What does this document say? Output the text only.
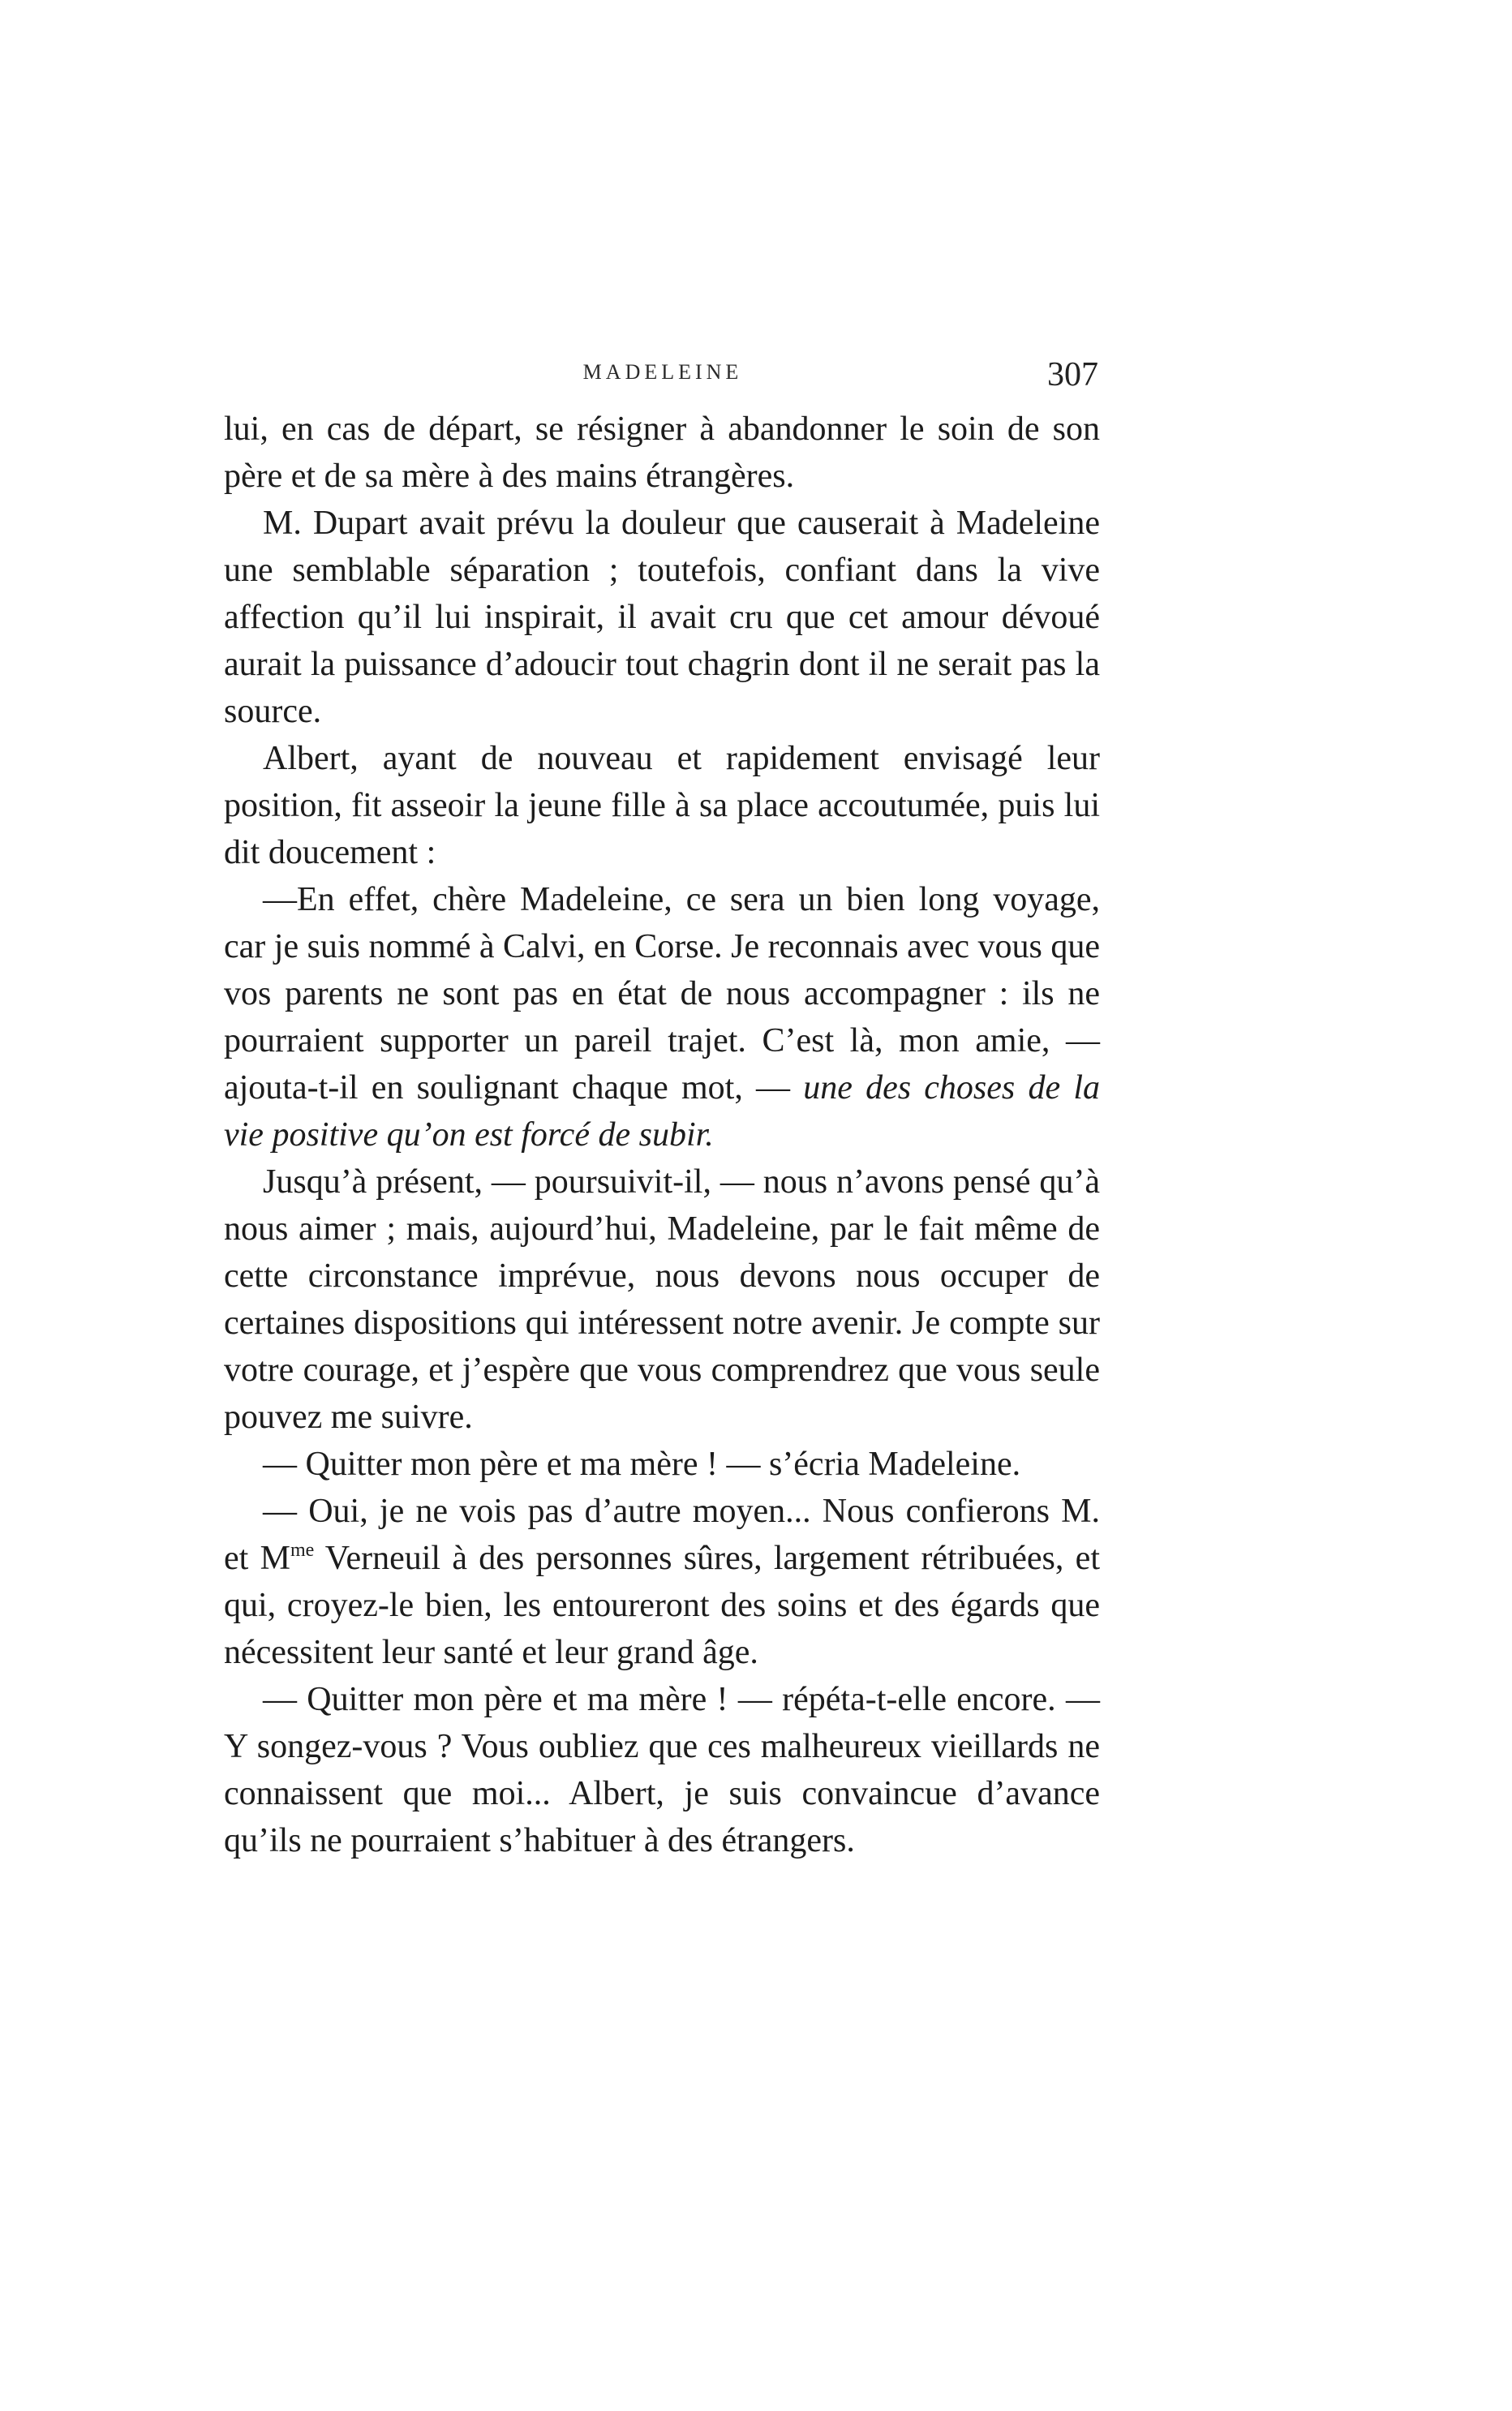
MADELEINE	307

lui, en cas de départ, se résigner à abandonner le soin de son père et de sa mère à des mains étrangères.

M. Dupart avait prévu la douleur que causerait à Madeleine une semblable séparation ; toutefois, confiant dans la vive affection qu’il lui inspirait, il avait cru que cet amour dévoué aurait la puissance d’adoucir tout chagrin dont il ne serait pas la source.

Albert, ayant de nouveau et rapidement envisagé leur position, fit asseoir la jeune fille à sa place accoutumée, puis lui dit doucement :

—En effet, chère Madeleine, ce sera un bien long voyage, car je suis nommé à Calvi, en Corse. Je reconnais avec vous que vos parents ne sont pas en état de nous accompagner : ils ne pourraient supporter un pareil trajet. C’est là, mon amie, — ajouta-t-il en soulignant chaque mot, — une des choses de la vie positive qu’on est forcé de subir.

Jusqu’à présent, — poursuivit-il, — nous n’avons pensé qu’à nous aimer ; mais, aujourd’hui, Madeleine, par le fait même de cette circonstance imprévue, nous devons nous occuper de certaines dispositions qui intéressent notre avenir. Je compte sur votre courage, et j’espère que vous comprendrez que vous seule pouvez me suivre.

— Quitter mon père et ma mère ! — s’écria Madeleine.

— Oui, je ne vois pas d’autre moyen... Nous confierons M. et $M^{me}$ Verneuil à des personnes sûres, largement rétribuées, et qui, croyez-le bien, les entoureront des soins et des égards que nécessitent leur santé et leur grand âge.

— Quitter mon père et ma mère ! — répéta-t-elle encore. — Y songez-vous ? Vous oubliez que ces malheureux vieillards ne connaissent que moi... Albert, je suis convaincue d’avance qu’ils ne pourraient s’habituer à des étrangers.
